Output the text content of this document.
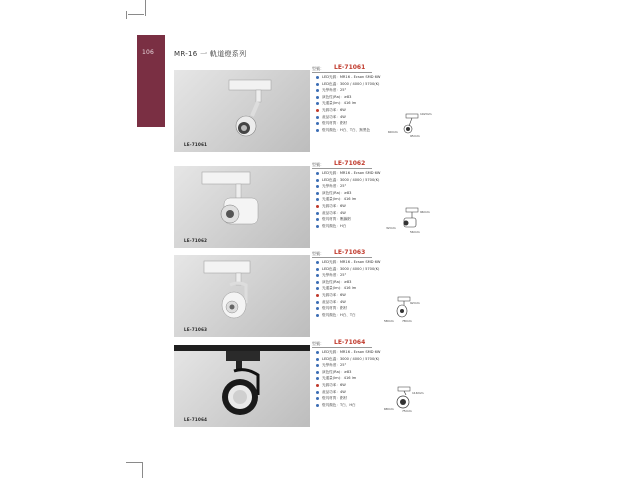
106	MR-16 一 軌道燈系列
LE-71061
型號： LE-71061
LED光源：MR16 - Ecson SMD 6W
LED色溫：3000 / 4000 / 5700(K)
光學角度：25°
演色性(Ra)：≥83
光通量(lm)：416 lm
光源功率：6W
產品功率：4W
燈具材質：鋁材
燈具顏色：H白、T白、無黑色
102mm
95mm
60mm
LE-71062
型號： LE-71062
LED光源：MR16 - Ecson SMD 6W
LED色溫：3000 / 4000 / 5700(K)
光學角度：25°
演色性(Ra)：≥83
光通量(lm)：416 lm
光源功率：6W
產品功率：4W
燈具材質：壓鑄鋁
燈具顏色：H白
96mm
56mm
32mm
LE-71063
型號： LE-71063
LED光源：MR16 - Ecson SMD 6W
LED色溫：3000 / 4000 / 5700(K)
光學角度：25°
演色性(Ra)：≥83
光通量(lm)：416 lm
光源功率：6W
產品功率：4W
燈具材質：鋁材
燈具顏色：H白、T白
92mm
78mm
58mm
LE-71064
型號： LE-71064
LED光源：MR16 - Ecson SMD 6W
LED色溫：3000 / 4000 / 5700(K)
光學角度：25°
演色性(Ra)：≥83
光通量(lm)：416 lm
光源功率：6W
產品功率：4W
燈具材質：鋁材
燈具顏色：T白、H白
116mm
75mm
68mm
